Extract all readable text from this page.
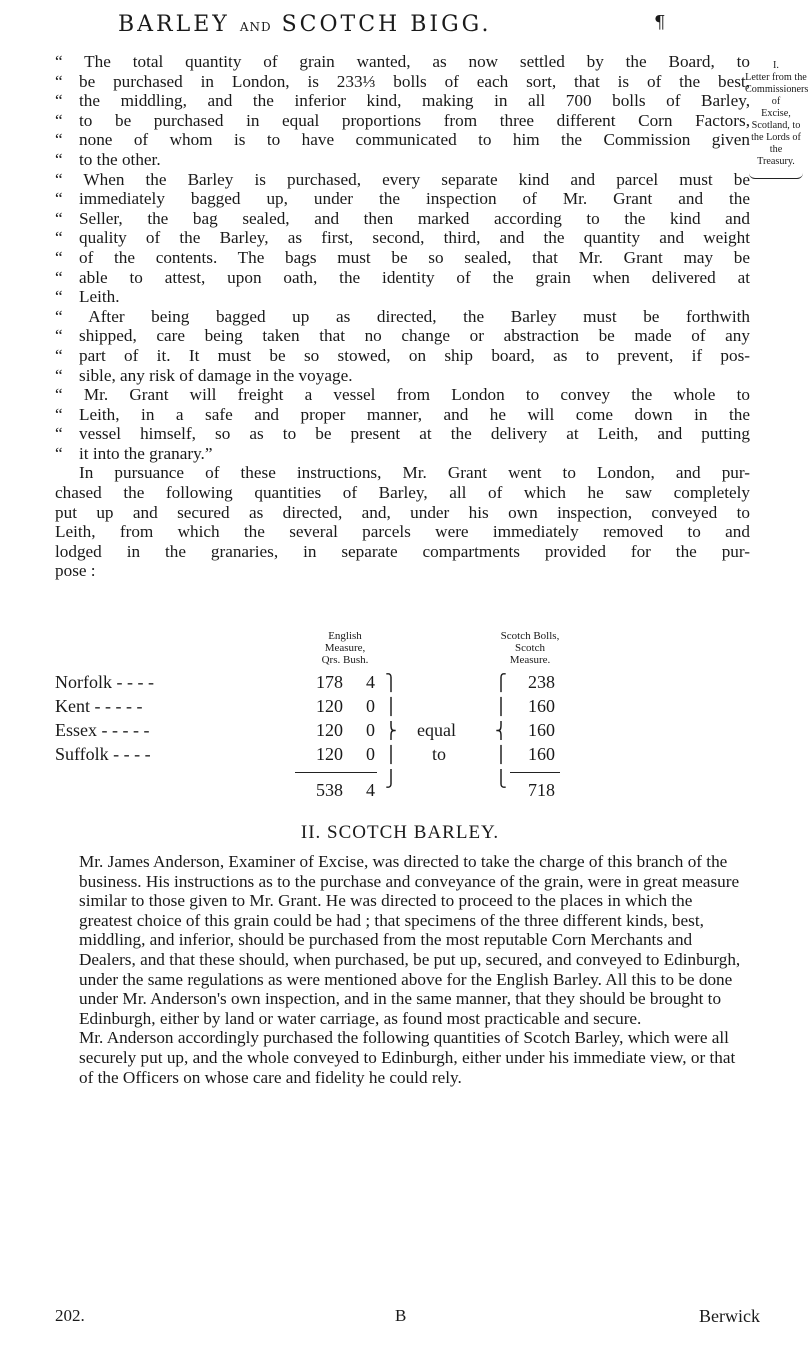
BARLEY AND SCOTCH BIGG.	¶
I.
Letter from the
Commissioners of
Excise, Scotland, to
the Lords of the
Treasury.
“ The total quantity of grain wanted, as now settled by the Board, to
“ be purchased in London, is 233⅓ bolls of each sort, that is of the best,
“ the middling, and the inferior kind, making in all 700 bolls of Barley,
“ to be purchased in equal proportions from three different Corn Factors,
“ none of whom is to have communicated to him the Commission given
“ to the other.
“ When the Barley is purchased, every separate kind and parcel must be
“ immediately bagged up, under the inspection of Mr. Grant and the
“ Seller, the bag sealed, and then marked according to the kind and
“ quality of the Barley, as first, second, third, and the quantity and weight
“ of the contents. The bags must be so sealed, that Mr. Grant may be
“ able to attest, upon oath, the identity of the grain when delivered at
“ Leith.
“ After being bagged up as directed, the Barley must be forthwith
“ shipped, care being taken that no change or abstraction be made of any
“ part of it. It must be so stowed, on ship board, as to prevent, if pos-
“ sible, any risk of damage in the voyage.
“ Mr. Grant will freight a vessel from London to convey the whole to
“ Leith, in a safe and proper manner, and he will come down in the
“ vessel himself, so as to be present at the delivery at Leith, and putting
“ it into the granary.”
In pursuance of these instructions, Mr. Grant went to London, and pur-
chased the following quantities of Barley, all of which he saw completely
put up and secured as directed, and, under his own inspection, conveyed to
Leith, from which the several parcels were immediately removed to and
lodged in the granaries, in separate compartments provided for the pur-
pose :
English
Measure,
Qrs. Bush.
Scotch Bolls,
Scotch
Measure.
Norfolk - - - -	178	4	238
Kent - - - - -	120	0	160
Essex - - - - -	120	0	160
Suffolk - - - -	120	0	160
⎫
⎪
⎬
⎪
⎭
⎧
⎪
⎨
⎪
⎩
equal
to
538	4	718
II. SCOTCH BARLEY.

Mr. James Anderson, Examiner of Excise, was directed to take the charge of this branch of the business. His instructions as to the purchase and conveyance of the grain, were in great measure similar to those given to Mr. Grant. He was directed to proceed to the places in which the greatest choice of this grain could be had ; that specimens of the three different kinds, best, middling, and inferior, should be purchased from the most reputable Corn Merchants and Dealers, and that these should, when purchased, be put up, secured, and conveyed to Edinburgh, under the same regulations as were mentioned above for the English Barley. All this to be done under Mr. Anderson's own inspection, and in the same manner, that they should be brought to Edinburgh, either by land or water carriage, as found most practicable and secure.

Mr. Anderson accordingly purchased the following quantities of Scotch Barley, which were all securely put up, and the whole conveyed to Edinburgh, either under his immediate view, or that of the Officers on whose care and fidelity he could rely.

202.	B	Berwick
